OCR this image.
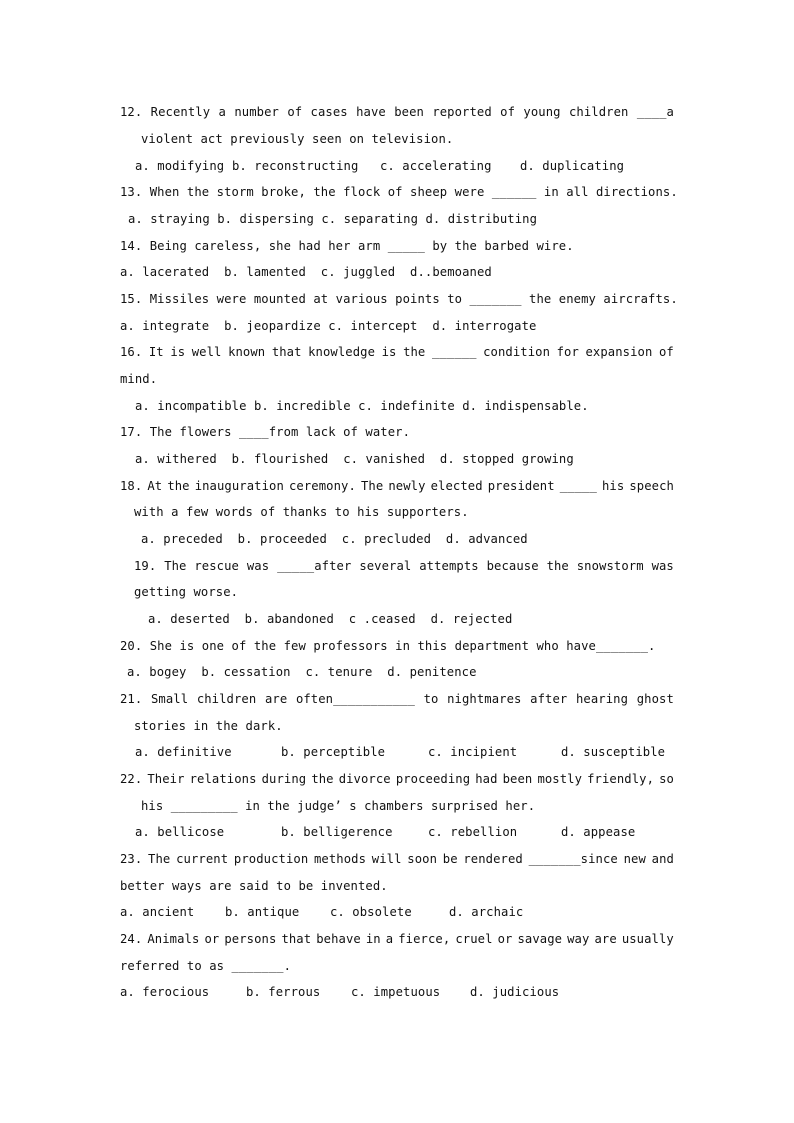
12. Recently a number of cases have been reported of young children ____a
violent act previously seen on television.
a. modifying b. reconstructing c. accelerating d. duplicating
13. When the storm broke, the flock of sheep were ______ in all directions.
a. straying b. dispersing c. separating d. distributing
14. Being careless, she had her arm _____ by the barbed wire.
a. lacerated  b. lamented  c. juggled  d..bemoaned
15. Missiles were mounted at various points to _______ the enemy aircrafts.
a. integrate  b. jeopardize c. intercept  d. interrogate
16. It is well known that knowledge is the ______ condition for expansion of
mind.
a. incompatible b. incredible c. indefinite d. indispensable.
17. The flowers ____from lack of water.
a. withered  b. flourished  c. vanished  d. stopped growing
18. At the inauguration ceremony. The newly elected president _____ his speech
with a few words of thanks to his supporters.
a. preceded  b. proceeded  c. precluded  d. advanced
19. The rescue was _____after several attempts because the snowstorm was
getting worse.
a. deserted  b. abandoned  c .ceased  d. rejected
20. She is one of the few professors in this department who have_______.
a. bogey  b. cessation  c. tenure  d. penitence
21. Small children are often___________ to nightmares after hearing ghost
stories in the dark.
a. definitive	b. perceptible	c. incipient	d. susceptible
22. Their relations during the divorce proceeding had been mostly friendly, so
his _________ in the judge’ s chambers surprised her.
a. bellicose	b. belligerence	c. rebellion	d. appease
23. The current production methods will soon be rendered _______since new and
better ways are said to be invented.
a. ancient	b. antique	c. obsolete	d. archaic
24. Animals or persons that behave in a fierce, cruel or savage way are usually
referred to as _______.
a. ferocious	b. ferrous	c. impetuous d. judicious
